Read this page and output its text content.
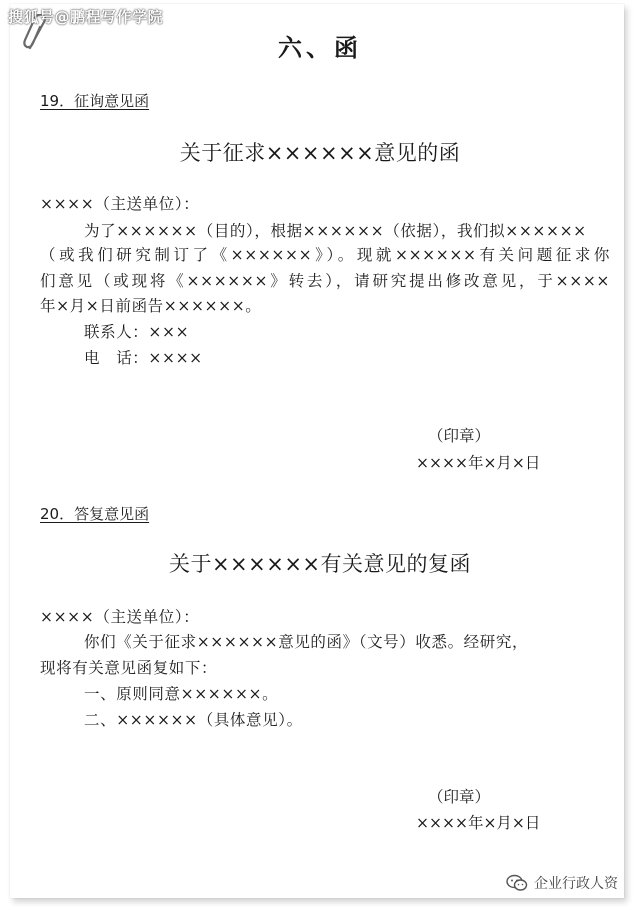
搜狐号@鹏程写作学院
六、函
19．征询意见函
关于征求××××××意见的函
××××（主送单位）：
为了××××××（目的），根据××××××（依据），我们拟××××××
（或我们研究制订了《××××××》）。现就××××××有关问题征求你
们意见（或现将《××××××》转去），请研究提出修改意见，于××××
年×月×日前函告××××××。
联系人：×××
电　话：××××
（印章）
××××年×月×日
20．答复意见函
关于××××××有关意见的复函
××××（主送单位）：
你们《关于征求××××××意见的函》（文号）收悉。经研究，
现将有关意见函复如下：
一、原则同意××××××。
二、××××××（具体意见）。
（印章）
××××年×月×日
企业行政人资
